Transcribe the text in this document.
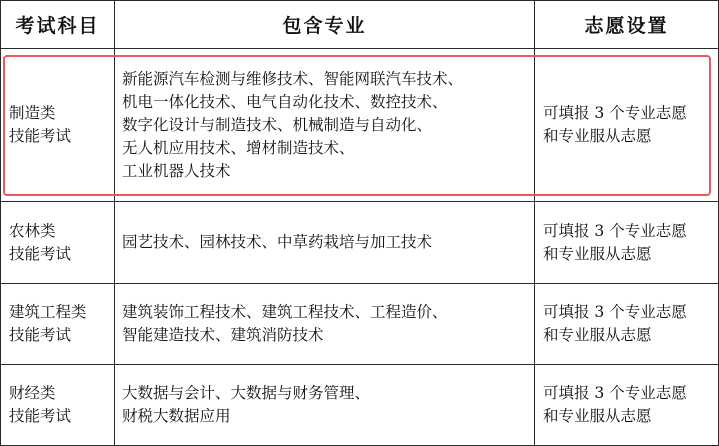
考试科目	包含专业	志愿设置
制造类
技能考试
新能源汽车检测与维修技术、智能网联汽车技术、
机电一体化技术、电气自动化技术、数控技术、
数字化设计与制造技术、机械制造与自动化、
无人机应用技术、增材制造技术、
工业机器人技术
可填报 3 个专业志愿
和专业服从志愿
农林类
技能考试
园艺技术、园林技术、中草药栽培与加工技术
可填报 3 个专业志愿
和专业服从志愿
建筑工程类
技能考试
建筑装饰工程技术、建筑工程技术、工程造价、
智能建造技术、建筑消防技术
可填报 3 个专业志愿
和专业服从志愿
财经类
技能考试
大数据与会计、大数据与财务管理、
财税大数据应用
可填报 3 个专业志愿
和专业服从志愿
